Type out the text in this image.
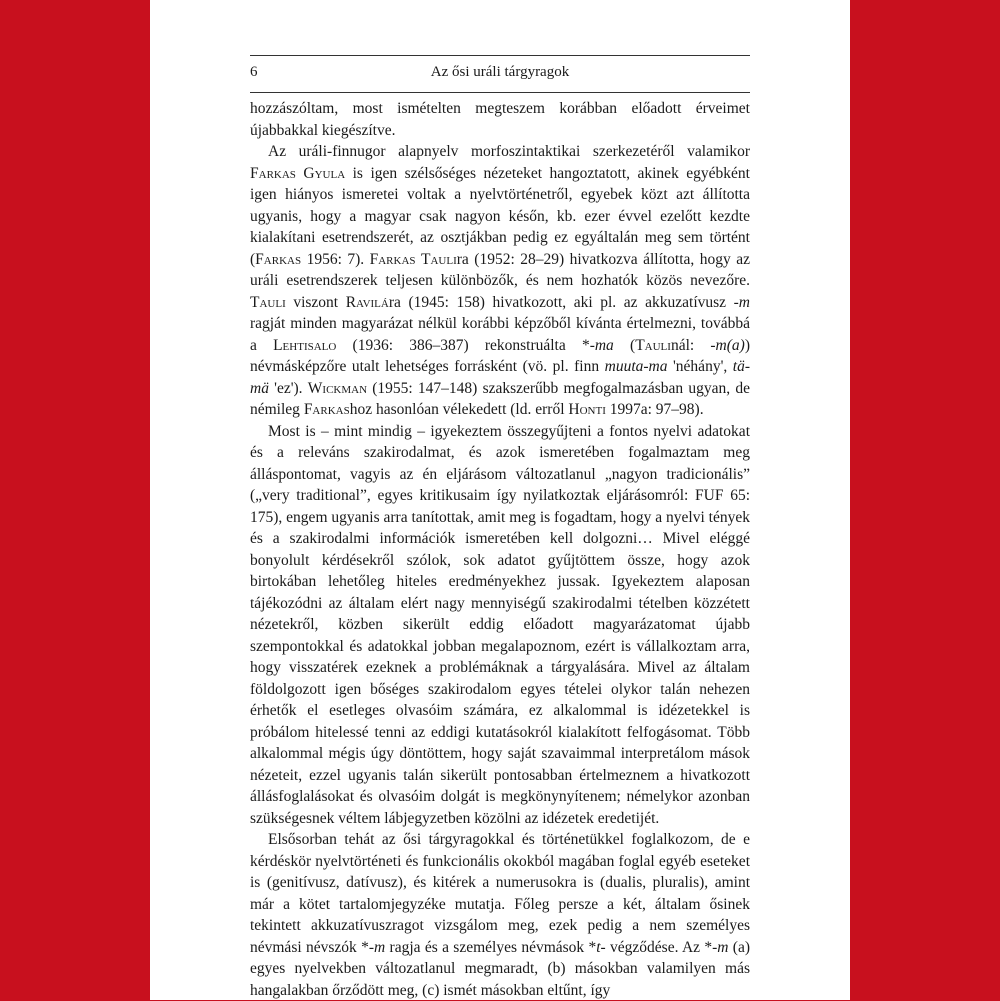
6	Az ősi uráli tárgyragok

hozzászóltam, most ismételten megteszem korábban előadott érveimet újabbakkal kiegészítve.

Az uráli-finnugor alapnyelv morfoszintaktikai szerkezetéről valamikor Farkas Gyula is igen szélsőséges nézeteket hangoztatott, akinek egyébként igen hiányos ismeretei voltak a nyelvtörténetről, egyebek közt azt állította ugyanis, hogy a magyar csak nagyon későn, kb. ezer évvel ezelőtt kezdte kialakítani esetrendszerét, az osztjákban pedig ez egyáltalán meg sem történt (Farkas 1956: 7). Farkas Taulira (1952: 28–29) hivatkozva állította, hogy az uráli esetrendszerek teljesen különbözők, és nem hozhatók közös nevezőre. Tauli viszont Ravilára (1945: 158) hivatkozott, aki pl. az akkuzatívusz -m ragját minden magyarázat nélkül korábbi képzőből kívánta értelmezni, továbbá a Lehtisalo (1936: 386–387) rekonstruálta *-ma (Taulinál: -m(a)) névmásképzőre utalt lehetséges forrásként (vö. pl. finn muuta-ma 'néhány', tä-mä 'ez'). Wickman (1955: 147–148) szakszerűbb megfogalmazásban ugyan, de némileg Farkashoz hasonlóan vélekedett (ld. erről Honti 1997a: 97–98).

Most is – mint mindig – igyekeztem összegyűjteni a fontos nyelvi adatokat és a releváns szakirodalmat, és azok ismeretében fogalmaztam meg álláspontomat, vagyis az én eljárásom változatlanul „nagyon tradicionális” („very traditional”, egyes kritikusaim így nyilatkoztak eljárásomról: FUF 65: 175), engem ugyanis arra tanítottak, amit meg is fogadtam, hogy a nyelvi tények és a szakirodalmi információk ismeretében kell dolgozni… Mivel eléggé bonyolult kérdésekről szólok, sok adatot gyűjtöttem össze, hogy azok birtokában lehetőleg hiteles eredményekhez jussak. Igyekeztem alaposan tájékozódni az általam elért nagy mennyiségű szakirodalmi tételben közzétett nézetekről, közben sikerült eddig előadott magyarázatomat újabb szempontokkal és adatokkal jobban megalapoznom, ezért is vállalkoztam arra, hogy visszatérek ezeknek a problémáknak a tárgyalására. Mivel az általam földolgozott igen bőséges szakirodalom egyes tételei olykor talán nehezen érhetők el esetleges olvasóim számára, ez alkalommal is idézetekkel is próbálom hitelessé tenni az eddigi kutatásokról kialakított felfogásomat. Több alkalommal mégis úgy döntöttem, hogy saját szavaimmal interpretálom mások nézeteit, ezzel ugyanis talán sikerült pontosabban értelmeznem a hivatkozott állásfoglalásokat és olvasóim dolgát is megkönynyítenem; némelykor azonban szükségesnek véltem lábjegyzetben közölni az idézetek eredetijét.

Elsősorban tehát az ősi tárgyragokkal és történetükkel foglalkozom, de e kérdéskör nyelvtörténeti és funkcionális okokból magában foglal egyéb eseteket is (genitívusz, datívusz), és kitérek a numerusokra is (dualis, pluralis), amint már a kötet tartalomjegyzéke mutatja. Főleg persze a két, általam ősinek tekintett akkuzatívuszragot vizsgálom meg, ezek pedig a nem személyes névmási névszók *-m ragja és a személyes névmások *t- végződése. Az *-m (a) egyes nyelvekben változatlanul megmaradt, (b) másokban valamilyen más hangalakban őrződött meg, (c) ismét másokban eltűnt, így
